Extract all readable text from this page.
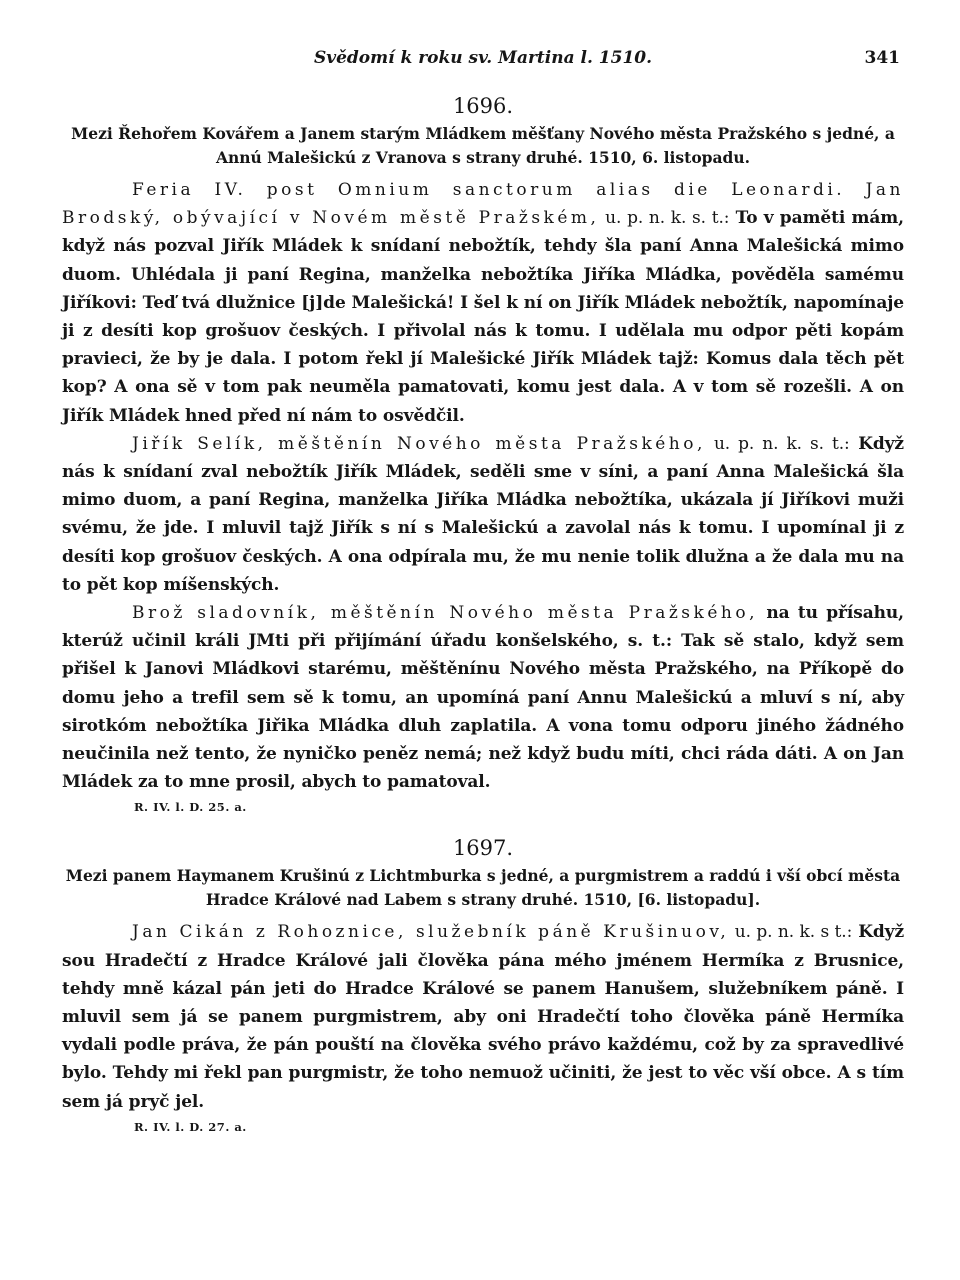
Svědomí k roku sv. Martina l. 1510.	341
1696.
Mezi Řehořem Kovářem a Janem starým Mládkem měšťany Nového města Pražského s jedné, a Annú Malešickú z Vranova s strany druhé. 1510, 6. listopadu.

Feria IV. post Omnium sanctorum alias die Leonardi. Jan Brodský, obývající v Novém městě Pražském, u. p. n. k. s. t.: To v paměti mám, když nás pozval Jiřík Mládek k snídaní nebožtík, tehdy šla paní Anna Malešická mimo duom. Uhlédala ji paní Regina, manželka nebožtíka Jiříka Mládka, pověděla samému Jiříkovi: Teď tvá dlužnice [j]de Malešická! I šel k ní on Jiřík Mládek nebožtík, napomínaje ji z desíti kop grošuov českých. I přivolal nás k tomu. I udělala mu odpor pěti kopám pravieci, že by je dala. I potom řekl jí Malešické Jiřík Mládek tajž: Komus dala těch pět kop? A ona sě v tom pak neuměla pamatovati, komu jest dala. A v tom sě rozešli. A on Jiřík Mládek hned před ní nám to osvědčil.

Jiřík Selík, měštěnín Nového města Pražského, u. p. n. k. s. t.: Když nás k snídaní zval nebožtík Jiřík Mládek, seděli sme v síni, a paní Anna Malešická šla mimo duom, a paní Regina, manželka Jiříka Mládka nebožtíka, ukázala jí Jiříkovi muži svému, že jde. I mluvil tajž Jiřík s ní s Malešickú a zavolal nás k tomu. I upomínal ji z desíti kop grošuov českých. A ona odpírala mu, že mu nenie tolik dlužna a že dala mu na to pět kop míšenských.

Brož sladovník, měštěnín Nového města Pražského, na tu přísahu, kterúž učinil králi JMti při přijímání úřadu konšelského, s. t.: Tak sě stalo, když sem přišel k Janovi Mládkovi starému, měštěnínu Nového města Pražského, na Příkopě do domu jeho a trefil sem sě k tomu, an upomíná paní Annu Malešickú a mluví s ní, aby sirotkóm nebožtíka Jiřika Mládka dluh zaplatila. A vona tomu odporu jiného žádného neučinila než tento, že nyničko peněz nemá; než když budu míti, chci ráda dáti. A on Jan Mládek za to mne prosil, abych to pamatoval.

R. IV. l. D. 25. a.
1697.
Mezi panem Haymanem Krušinú z Lichtmburka s jedné, a purgmistrem a raddú i vší obcí města Hradce Králové nad Labem s strany druhé. 1510, [6. listopadu].

Jan Cikán z Rohoznice, služebník páně Krušinuov, u. p. n. k. s t.: Když sou Hradečtí z Hradce Králové jali člověka pána mého jménem Hermíka z Brusnice, tehdy mně kázal pán jeti do Hradce Králové se panem Hanušem, služebníkem páně. I mluvil sem já se panem purgmistrem, aby oni Hradečtí toho člověka páně Hermíka vydali podle práva, že pán pouští na člověka svého právo každému, což by za spravedlivé bylo. Tehdy mi řekl pan purgmistr, že toho nemuož učiniti, že jest to věc vší obce. A s tím sem já pryč jel.

R. IV. l. D. 27. a.
